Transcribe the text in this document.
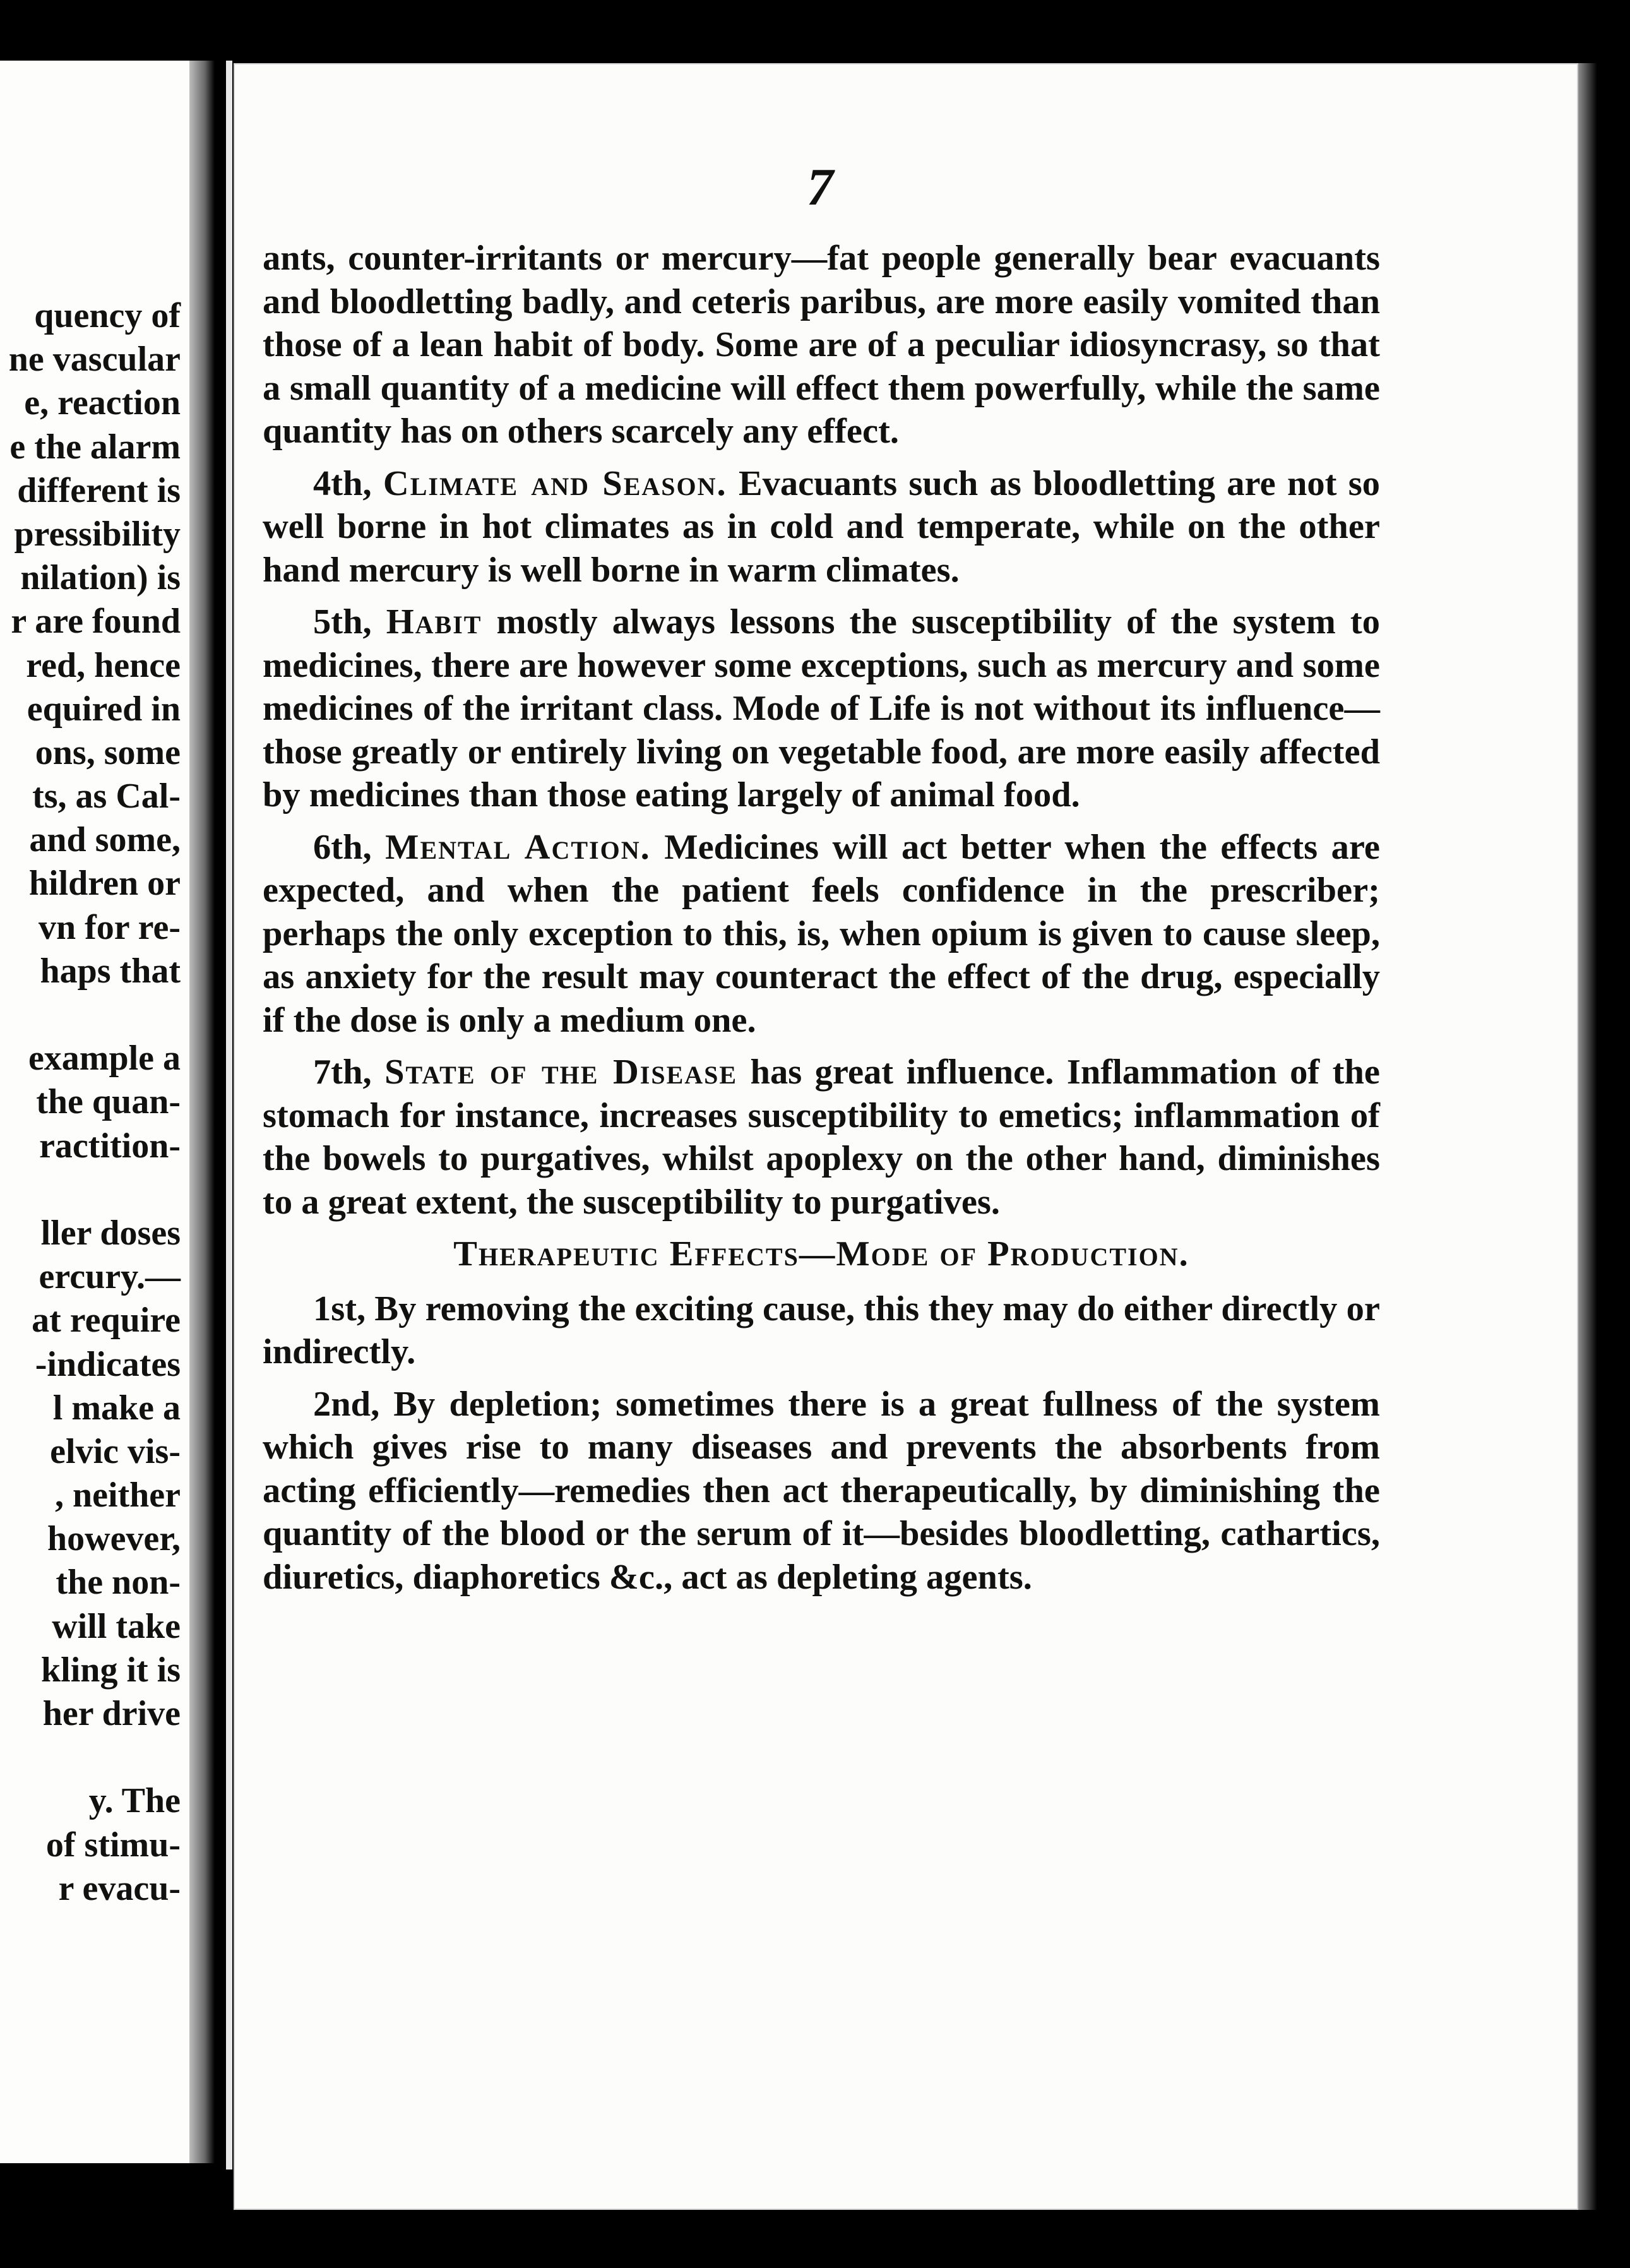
quency of
ne vascular
e, reaction
e the alarm
different is
pressibility
nilation) is
r are found
red, hence
equired in
ons, some
ts, as Cal-
and some,
hildren or
vn for re-
haps that
example a
the quan-
ractition-
ller doses
ercury.—
at require
-indicates
l make a
elvic vis-
, neither
however,
the non-
will take
kling it is
her drive
y. The
of stimu-
r evacu-
7

ants, counter-irritants or mercury—fat people generally bear evacuants and bloodletting badly, and ceteris paribus, are more easily vomited than those of a lean habit of body. Some are of a peculiar idiosyncrasy, so that a small quantity of a medicine will effect them powerfully, while the same quantity has on others scarcely any effect.

4th, Climate and Season. Evacuants such as bloodletting are not so well borne in hot climates as in cold and temperate, while on the other hand mercury is well borne in warm climates.

5th, Habit mostly always lessons the susceptibility of the system to medicines, there are however some exceptions, such as mercury and some medicines of the irritant class. Mode of Life is not without its influence—those greatly or entirely living on vegetable food, are more easily affected by medicines than those eating largely of animal food.

6th, Mental Action. Medicines will act better when the effects are expected, and when the patient feels confidence in the prescriber; perhaps the only exception to this, is, when opium is given to cause sleep, as anxiety for the result may counteract the effect of the drug, especially if the dose is only a medium one.

7th, State of the Disease has great influence. Inflammation of the stomach for instance, increases susceptibility to emetics; inflammation of the bowels to purgatives, whilst apoplexy on the other hand, diminishes to a great extent, the susceptibility to purgatives.

Therapeutic Effects—Mode of Production.

1st, By removing the exciting cause, this they may do either directly or indirectly.

2nd, By depletion; sometimes there is a great fullness of the system which gives rise to many diseases and prevents the absorbents from acting efficiently—remedies then act therapeutically, by diminishing the quantity of the blood or the serum of it—besides bloodletting, cathartics, diuretics, diaphoretics &c., act as depleting agents.
